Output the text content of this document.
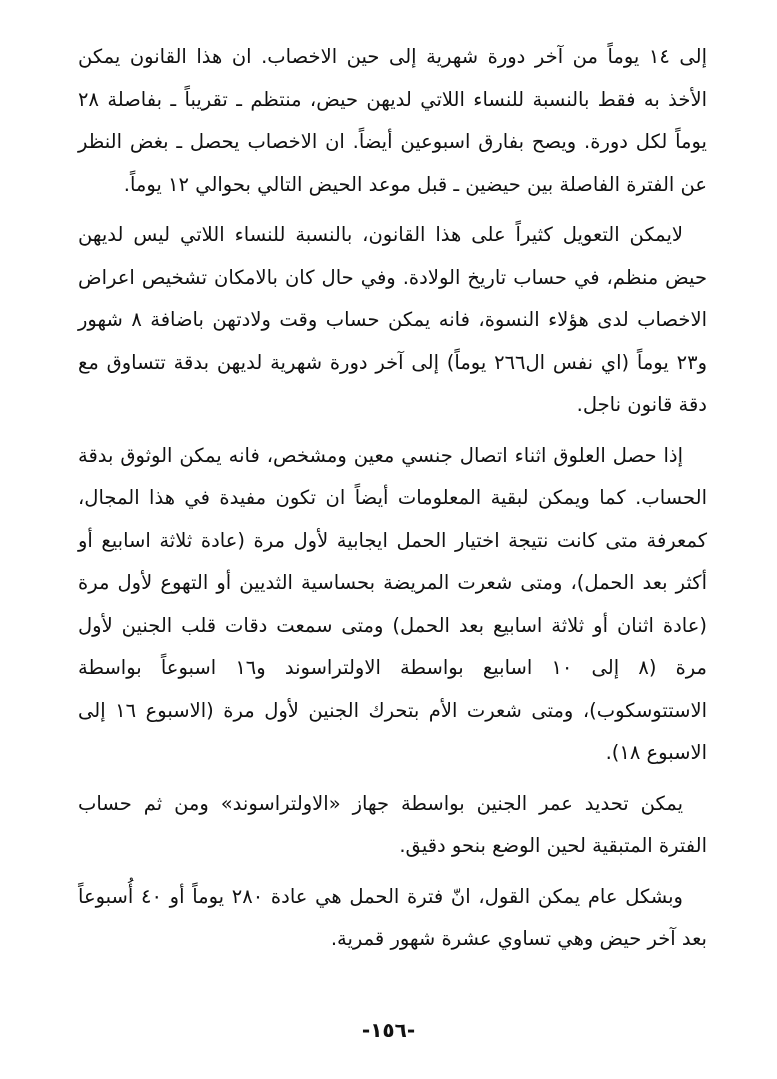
إلى ١٤ يوماً من آخر دورة شهرية إلى حين الاخصاب. ان هذا القانون يمكن الأخذ به فقط بالنسبة للنساء اللاتي لديهن حيض، منتظم ـ تقريباً ـ بفاصلة ٢٨ يوماً لكل دورة. ويصح بفارق اسبوعين أيضاً. ان الاخصاب يحصل ـ بغض النظر عن الفترة الفاصلة بين حيضين ـ قبل موعد الحيض التالي بحوالي ١٢ يوماً.

لايمكن التعويل كثيراً على هذا القانون، بالنسبة للنساء اللاتي ليس لديهن حيض منظم، في حساب تاريخ الولادة. وفي حال كان بالامكان تشخيص اعراض الاخصاب لدى هؤلاء النسوة، فانه يمكن حساب وقت ولادتهن باضافة ٨ شهور و٢٣ يوماً (اي نفس ال٢٦٦ يوماً) إلى آخر دورة شهرية لديهن بدقة تتساوق مع دقة قانون ناجل.

إذا حصل العلوق اثناء اتصال جنسي معين ومشخص، فانه يمكن الوثوق بدقة الحساب. كما ويمكن لبقية المعلومات أيضاً ان تكون مفيدة في هذا المجال، كمعرفة متى كانت نتيجة اختيار الحمل ايجابية لأول مرة (عادة ثلاثة اسابيع أو أكثر بعد الحمل)، ومتى شعرت المريضة بحساسية الثديين أو التهوع لأول مرة (عادة اثنان أو ثلاثة اسابيع بعد الحمل) ومتى سمعت دقات قلب الجنين لأول مرة (٨ إلى ١٠ اسابيع بواسطة الاولتراسوند و١٦ اسبوعاً بواسطة الاستتوسكوب)، ومتى شعرت الأم بتحرك الجنين لأول مرة (الاسبوع ١٦ إلى الاسبوع ١٨).

يمكن تحديد عمر الجنين بواسطة جهاز «الاولتراسوند» ومن ثم حساب الفترة المتبقية لحين الوضع بنحو دقيق.

وبشكل عام يمكن القول، انّ فترة الحمل هي عادة ٢٨٠ يوماً أو ٤٠ أُسبوعاً بعد آخر حيض وهي تساوي عشرة شهور قمرية.

-١٥٦-
